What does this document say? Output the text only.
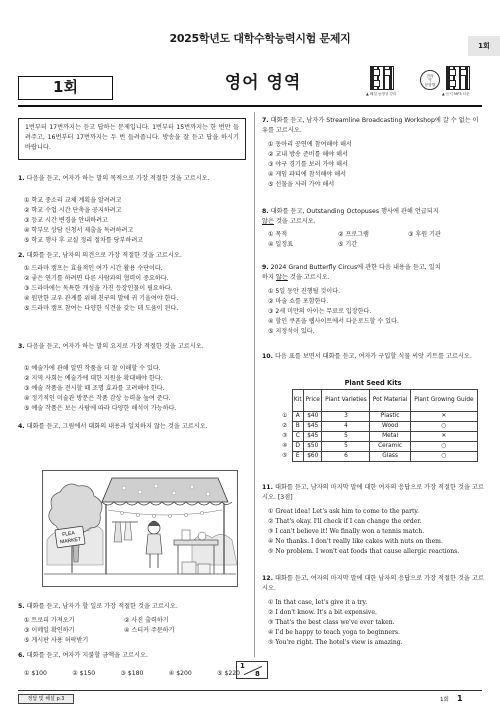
2025학년도 대학수학능력시험 문제지
1회
1회	영어 영역
▲ 해설 동영상 강의
전라
약
문항별
▲ 듣기 MP3 다운
1번부터 17번까지는 듣고 답하는 문제입니다. 1번부터 15번까지는 한 번만 들려주고, 16번부터 17번까지는 두 번 들려줍니다. 방송을 잘 듣고 답을 하시기 바랍니다.
1. 다음을 듣고, 여자가 하는 말의 목적으로 가장 적절한 것을 고르시오.
① 학교 중소리 교체 계획을 알려려고
② 학교 수업 시간 단축을 공지하려고
③ 등교 시간 변경을 안내하려고
④ 학부모 상담 신청서 제출을 독려하려고
⑤ 학교 행사 후 교실 정리 절차를 당부하려고
2. 대화를 듣고, 남자의 의견으로 가장 적절한 것을 고르시오.
① 드라마 캠프는 효율적인 여가 시간 활용 수단이다.
② 좋은 연기를 하려면 다른 사람과의 협력이 중요하다.
③ 드라마에는 독특한 개성을 가진 등장인물이 필요하다.
④ 원만한 교우 관계를 위해 친구의 말에 귀 기울여야 한다.
⑤ 드라마 캠프 참여는 다양한 식견을 갖는 데 도움이 된다.
3. 다음을 듣고, 여자가 하는 말의 요지로 가장 적절한 것을 고르시오.
① 예술가에 관해 알면 작품을 더 잘 이해할 수 있다.
② 지역 사회는 예술가에 대한 지원을 확대해야 한다.
③ 예술 작품을 전시할 때 조명 효과를 고려해야 한다.
④ 정기적인 미술관 방문은 작품 감상 능력을 높여 준다.
⑤ 예술 작품은 보는 사람에 따라 다양한 해석이 가능하다.
4. 대화를 듣고, 그림에서 대화의 내용과 일치하지 않는 것을 고르시오.
FLEA
MARKET
5. 대화를 듣고, 남자가 할 일로 가장 적절한 것을 고르시오.
① 트로피 가져오기	② 사진 출력하기
③ 이메일 확인하기	④ 스티커 주문하기
⑤ 게시판 사용 허락받기
6. 대화를 듣고, 여자가 지불할 금액을 고르시오.
① $100	② $150	③ $180	④ $200	⑤ $220
7. 대화를 듣고, 남자가 Streamline Broadcasting Workshop에 갈 수 없는 이유를 고르시오.
① 동아리 공연에 참여해야 해서
② 교내 방송 준비를 해야 해서
③ 야구 경기를 보러 가야 해서
④ 게임 파티에 참석해야 해서
⑤ 선물을 사러 가야 해서
8. 대화를 듣고, Outstanding Octopuses 행사에 관해 언급되지
않은 것을 고르시오.
① 목적	② 프로그램	③ 후원 기관
④ 일정표	⑤ 기간
9. 2024 Grand Butterfly Circus에 관한 다음 내용을 듣고, 일치
하지 않는 것을 고르시오.
① 5일 동안 진행될 것이다.
② 마술 쇼를 포함한다.
③ 2세 미만의 아이는 무료로 입장한다.
④ 할인 쿠폰을 웹사이트에서 다운로드할 수 있다.
⑤ 지정석이 있다.
10. 다음 표를 보면서 대화를 듣고, 여자가 구입할 식물 씨앗 키트를 고르시오.
Plant Seed Kits
	Kit	Price	Plant Varieties	Pot Material	Plant Growing Guide
①	A	$40	3	Plastic	✕
②	B	$45	4	Wood	○
③	C	$45	5	Metal	✕
④	D	$50	5	Ceramic	○
⑤	E	$60	6	Glass	○
11. 대화를 듣고, 남자의 마지막 말에 대한 여자의 응답으로 가장 적절한 것을 고르시오. [3점]
① Great idea! Let's ask him to come to the party.
② That's okay. I'll check if I can change the order.
③ I can't believe it! We finally won a tennis match.
④ No thanks. I don't really like cakes with nuts on them.
⑤ No problem. I won't eat foods that cause allergic reactions.
12. 대화를 듣고, 여자의 마지막 말에 대한 남자의 응답으로 가장 적절한 것을 고르시오.
① In that case, let's give it a try.
② I don't know. It's a bit expensive.
③ That's the best class we've ever taken.
④ I'd be happy to teach yoga to beginners.
⑤ You're right. The hotel's view is amazing.
1
8
정답 및 해설 p.3	1회 1
